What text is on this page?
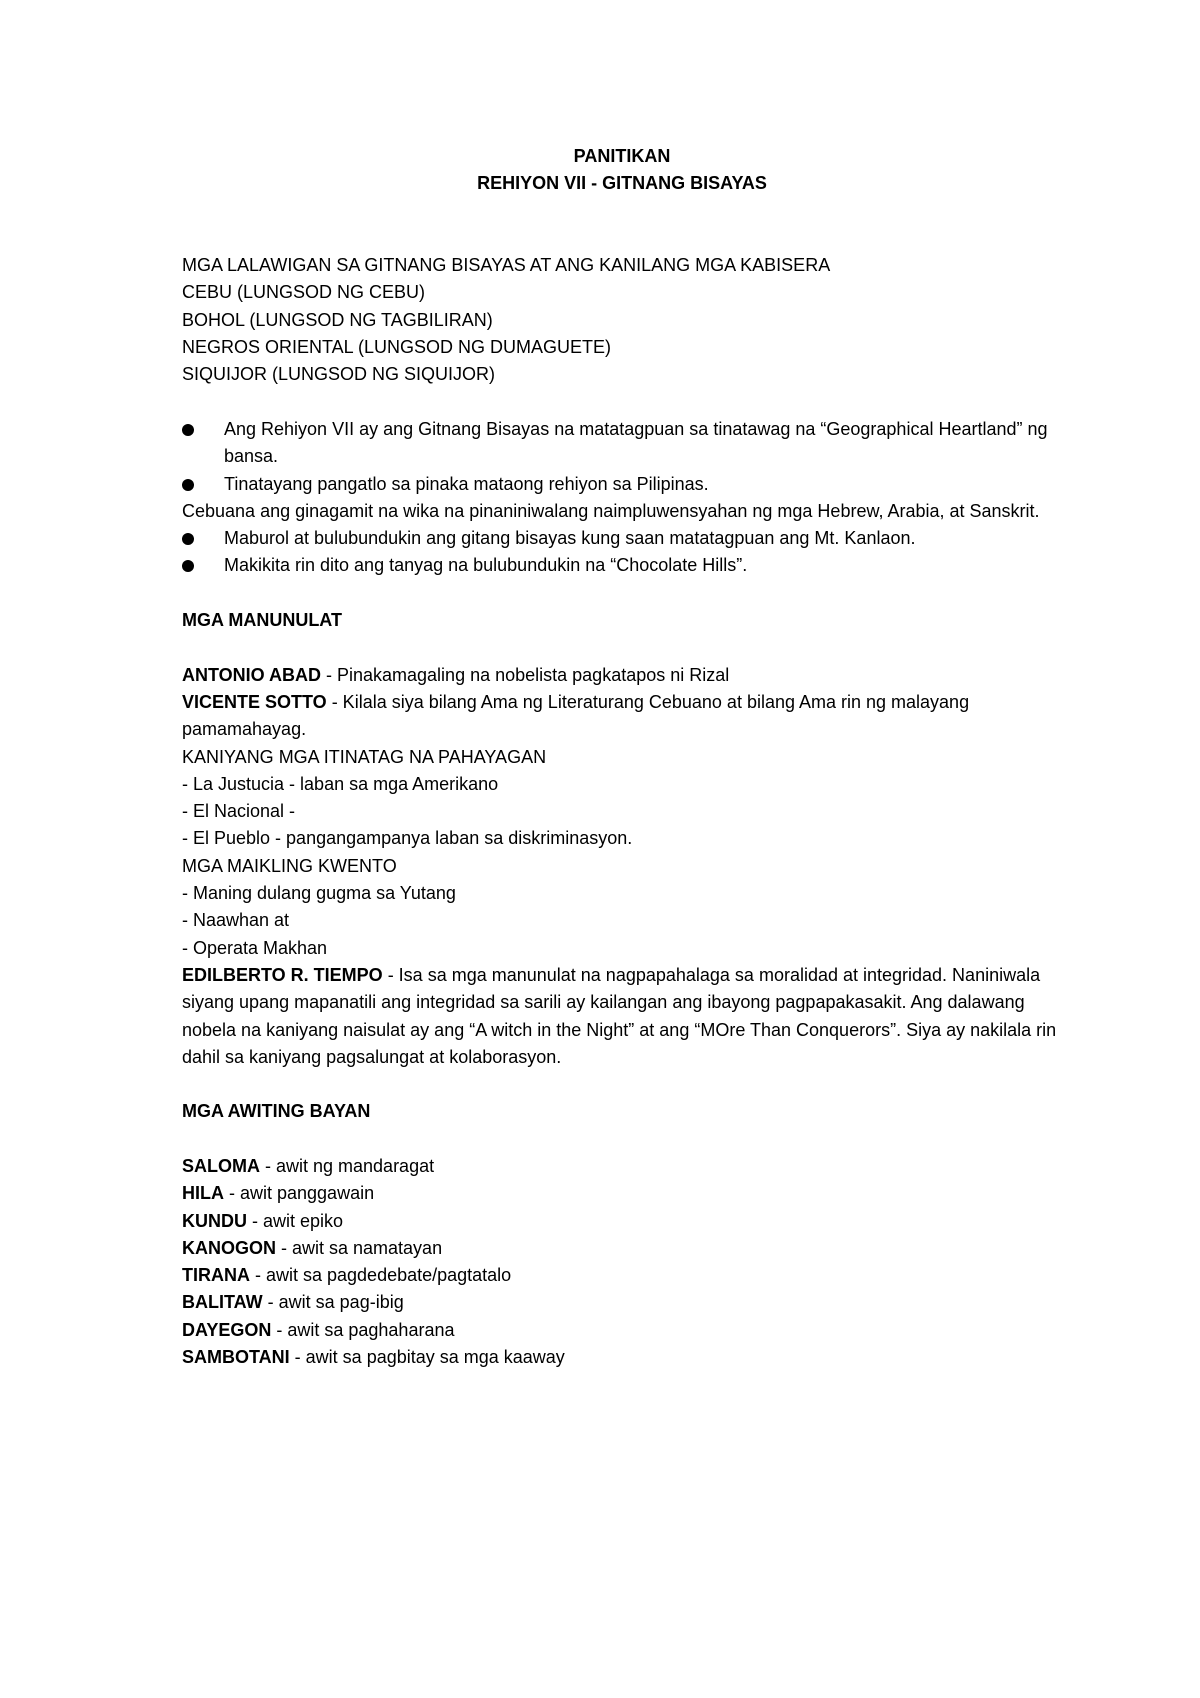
PANITIKAN

REHIYON VII - GITNANG BISAYAS

MGA LALAWIGAN SA GITNANG BISAYAS AT ANG KANILANG MGA KABISERA

CEBU (LUNGSOD NG CEBU)

BOHOL (LUNGSOD NG TAGBILIRAN)

NEGROS ORIENTAL (LUNGSOD NG DUMAGUETE)

SIQUIJOR (LUNGSOD NG SIQUIJOR)

Ang Rehiyon VII ay ang Gitnang Bisayas na matatagpuan sa tinatawag na “Geographical Heartland” ng bansa.
Tinatayang pangatlo sa pinaka mataong rehiyon sa Pilipinas.

Cebuana ang ginagamit na wika na pinaniniwalang naimpluwensyahan ng mga Hebrew, Arabia, at Sanskrit.

Maburol at bulubundukin ang gitang bisayas kung saan matatagpuan ang Mt. Kanlaon.
Makikita rin dito ang tanyag na bulubundukin na “Chocolate Hills”.

MGA MANUNULAT

ANTONIO ABAD - Pinakamagaling na nobelista pagkatapos ni Rizal

VICENTE SOTTO - Kilala siya bilang Ama ng Literaturang Cebuano at bilang Ama rin ng malayang pamamahayag.

KANIYANG MGA ITINATAG NA PAHAYAGAN

- La Justucia - laban sa mga Amerikano

- El Nacional -

- El Pueblo - pangangampanya laban sa diskriminasyon.

MGA MAIKLING KWENTO

- Maning dulang gugma sa Yutang

- Naawhan at

- Operata Makhan

EDILBERTO R. TIEMPO - Isa sa mga manunulat na nagpapahalaga sa moralidad at integridad. Naniniwala siyang upang mapanatili ang integridad sa sarili ay kailangan ang ibayong pagpapakasakit. Ang dalawang nobela na kaniyang naisulat ay ang “A witch in the Night” at ang “MOre Than Conquerors”. Siya ay nakilala rin dahil sa kaniyang pagsalungat at kolaborasyon.

MGA AWITING BAYAN

SALOMA - awit ng mandaragat

HILA - awit panggawain

KUNDU - awit epiko

KANOGON - awit sa namatayan

TIRANA - awit sa pagdedebate/pagtatalo

BALITAW - awit sa pag-ibig

DAYEGON - awit sa paghaharana

SAMBOTANI - awit sa pagbitay sa mga kaaway
